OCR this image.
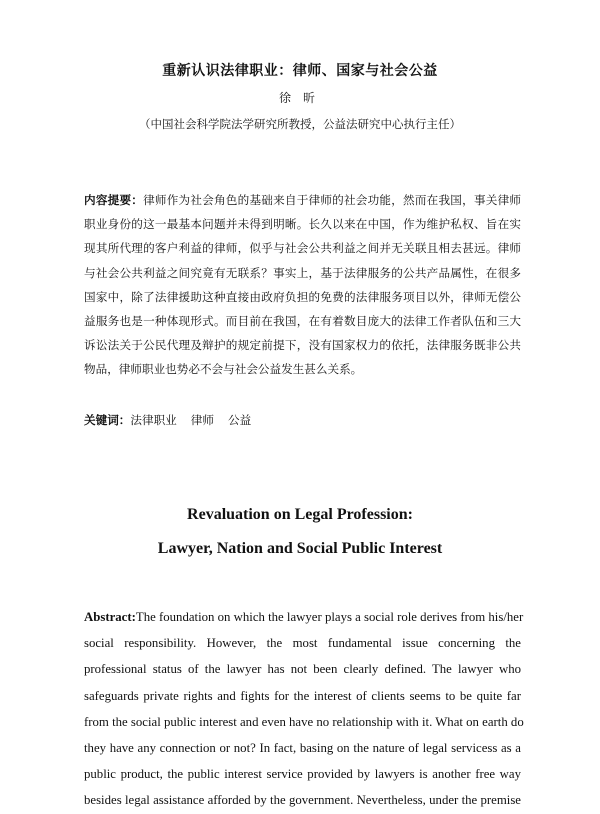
重新认识法律职业：律师、国家与社会公益
徐昕
（中国社会科学院法学研究所教授，公益法研究中心执行主任）
内容提要：律师作为社会角色的基础来自于律师的社会功能，然而在我国，事关律师职业身份的这一最基本问题并未得到明晰。长久以来在中国，作为维护私权、旨在实现其所代理的客户利益的律师，似乎与社会公共利益之间并无关联且相去甚远。律师与社会公共利益之间究竟有无联系？事实上，基于法律服务的公共产品属性，在很多国家中，除了法律援助这种直接由政府负担的免费的法律服务项目以外，律师无偿公益服务也是一种体现形式。而目前在我国，在有着数目庞大的法律工作者队伍和三大诉讼法关于公民代理及辩护的规定前提下，没有国家权力的依托，法律服务既非公共物品，律师职业也势必不会与社会公益发生甚么关系。
关键词：法律职业 律师 公益
Revaluation on Legal Profession:
Lawyer, Nation and Social Public Interest
Abstract:The foundation on which the lawyer plays a social role derives from his/her
social responsibility. However, the most fundamental issue concerning the
professional status of the lawyer has not been clearly defined. The lawyer who
safeguards private rights and fights for the interest of clients seems to be quite far
from the social public interest and even have no relationship with it. What on earth do
they have any connection or not? In fact, basing on the nature of legal servicess as a
public product, the public interest service provided by lawyers is another free way
besides legal assistance afforded by the government. Nevertheless, under the premise
